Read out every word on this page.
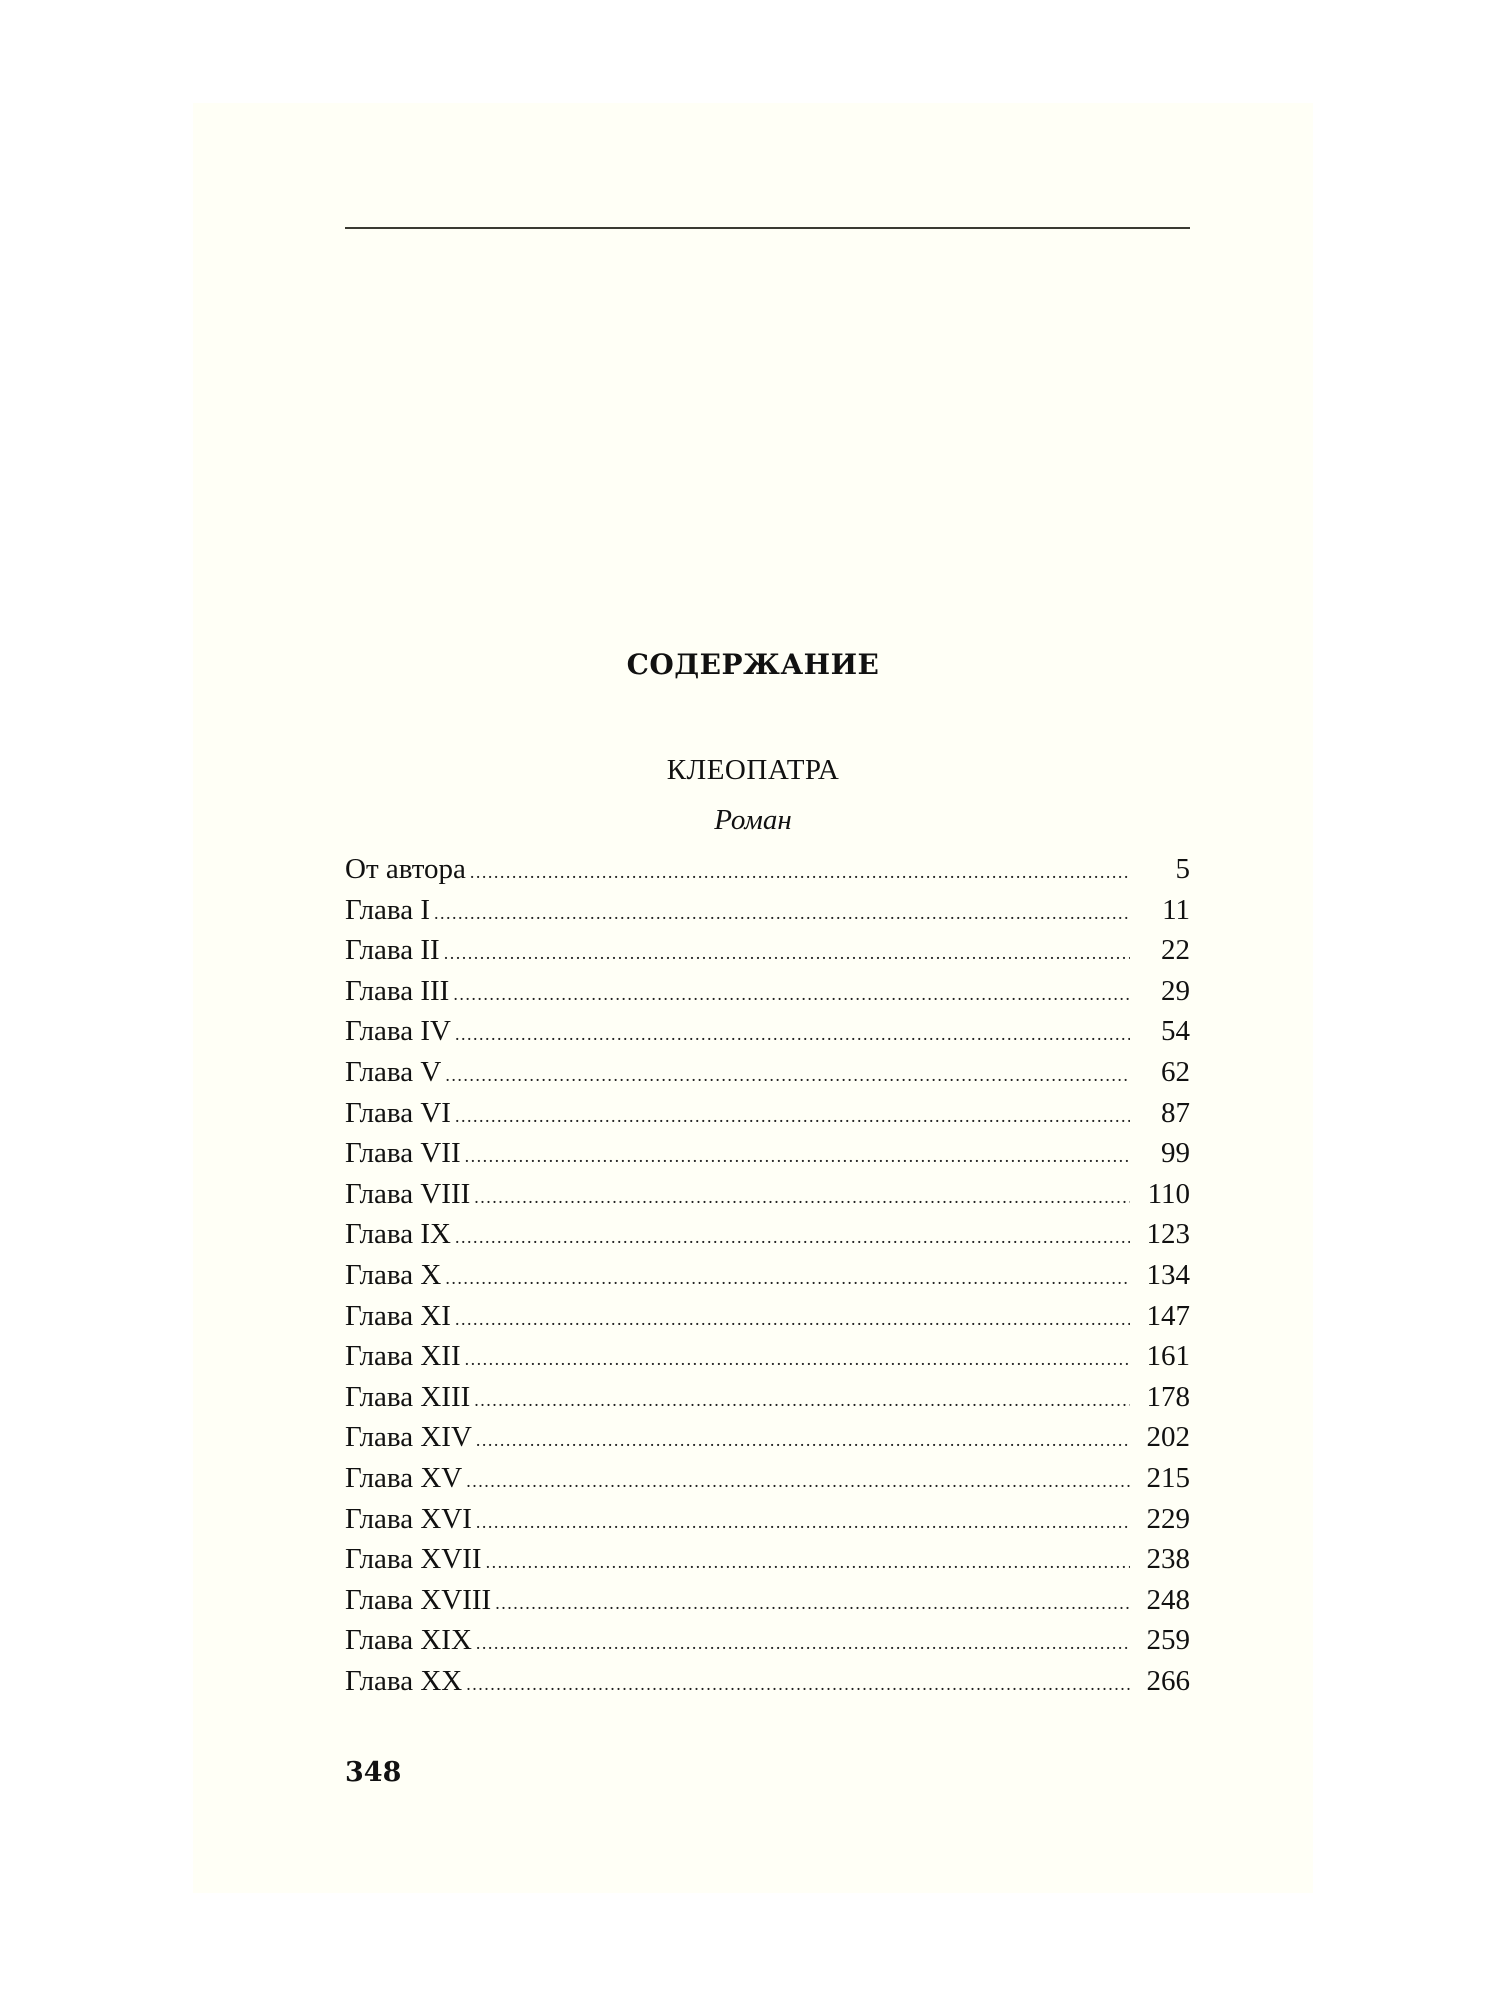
СОДЕРЖАНИЕ
КЛЕОПАТРА
Роман
От автора .....	5
Глава I .....	11
Глава II .....	22
Глава III .....	29
Глава IV .....	54
Глава V .....	62
Глава VI .....	87
Глава VII .....	99
Глава VIII .....	110
Глава IX .....	123
Глава X .....	134
Глава XI .....	147
Глава XII .....	161
Глава XIII .....	178
Глава XIV .....	202
Глава XV .....	215
Глава XVI .....	229
Глава XVII .....	238
Глава XVIII .....	248
Глава XIX .....	259
Глава XX .....	266
348
